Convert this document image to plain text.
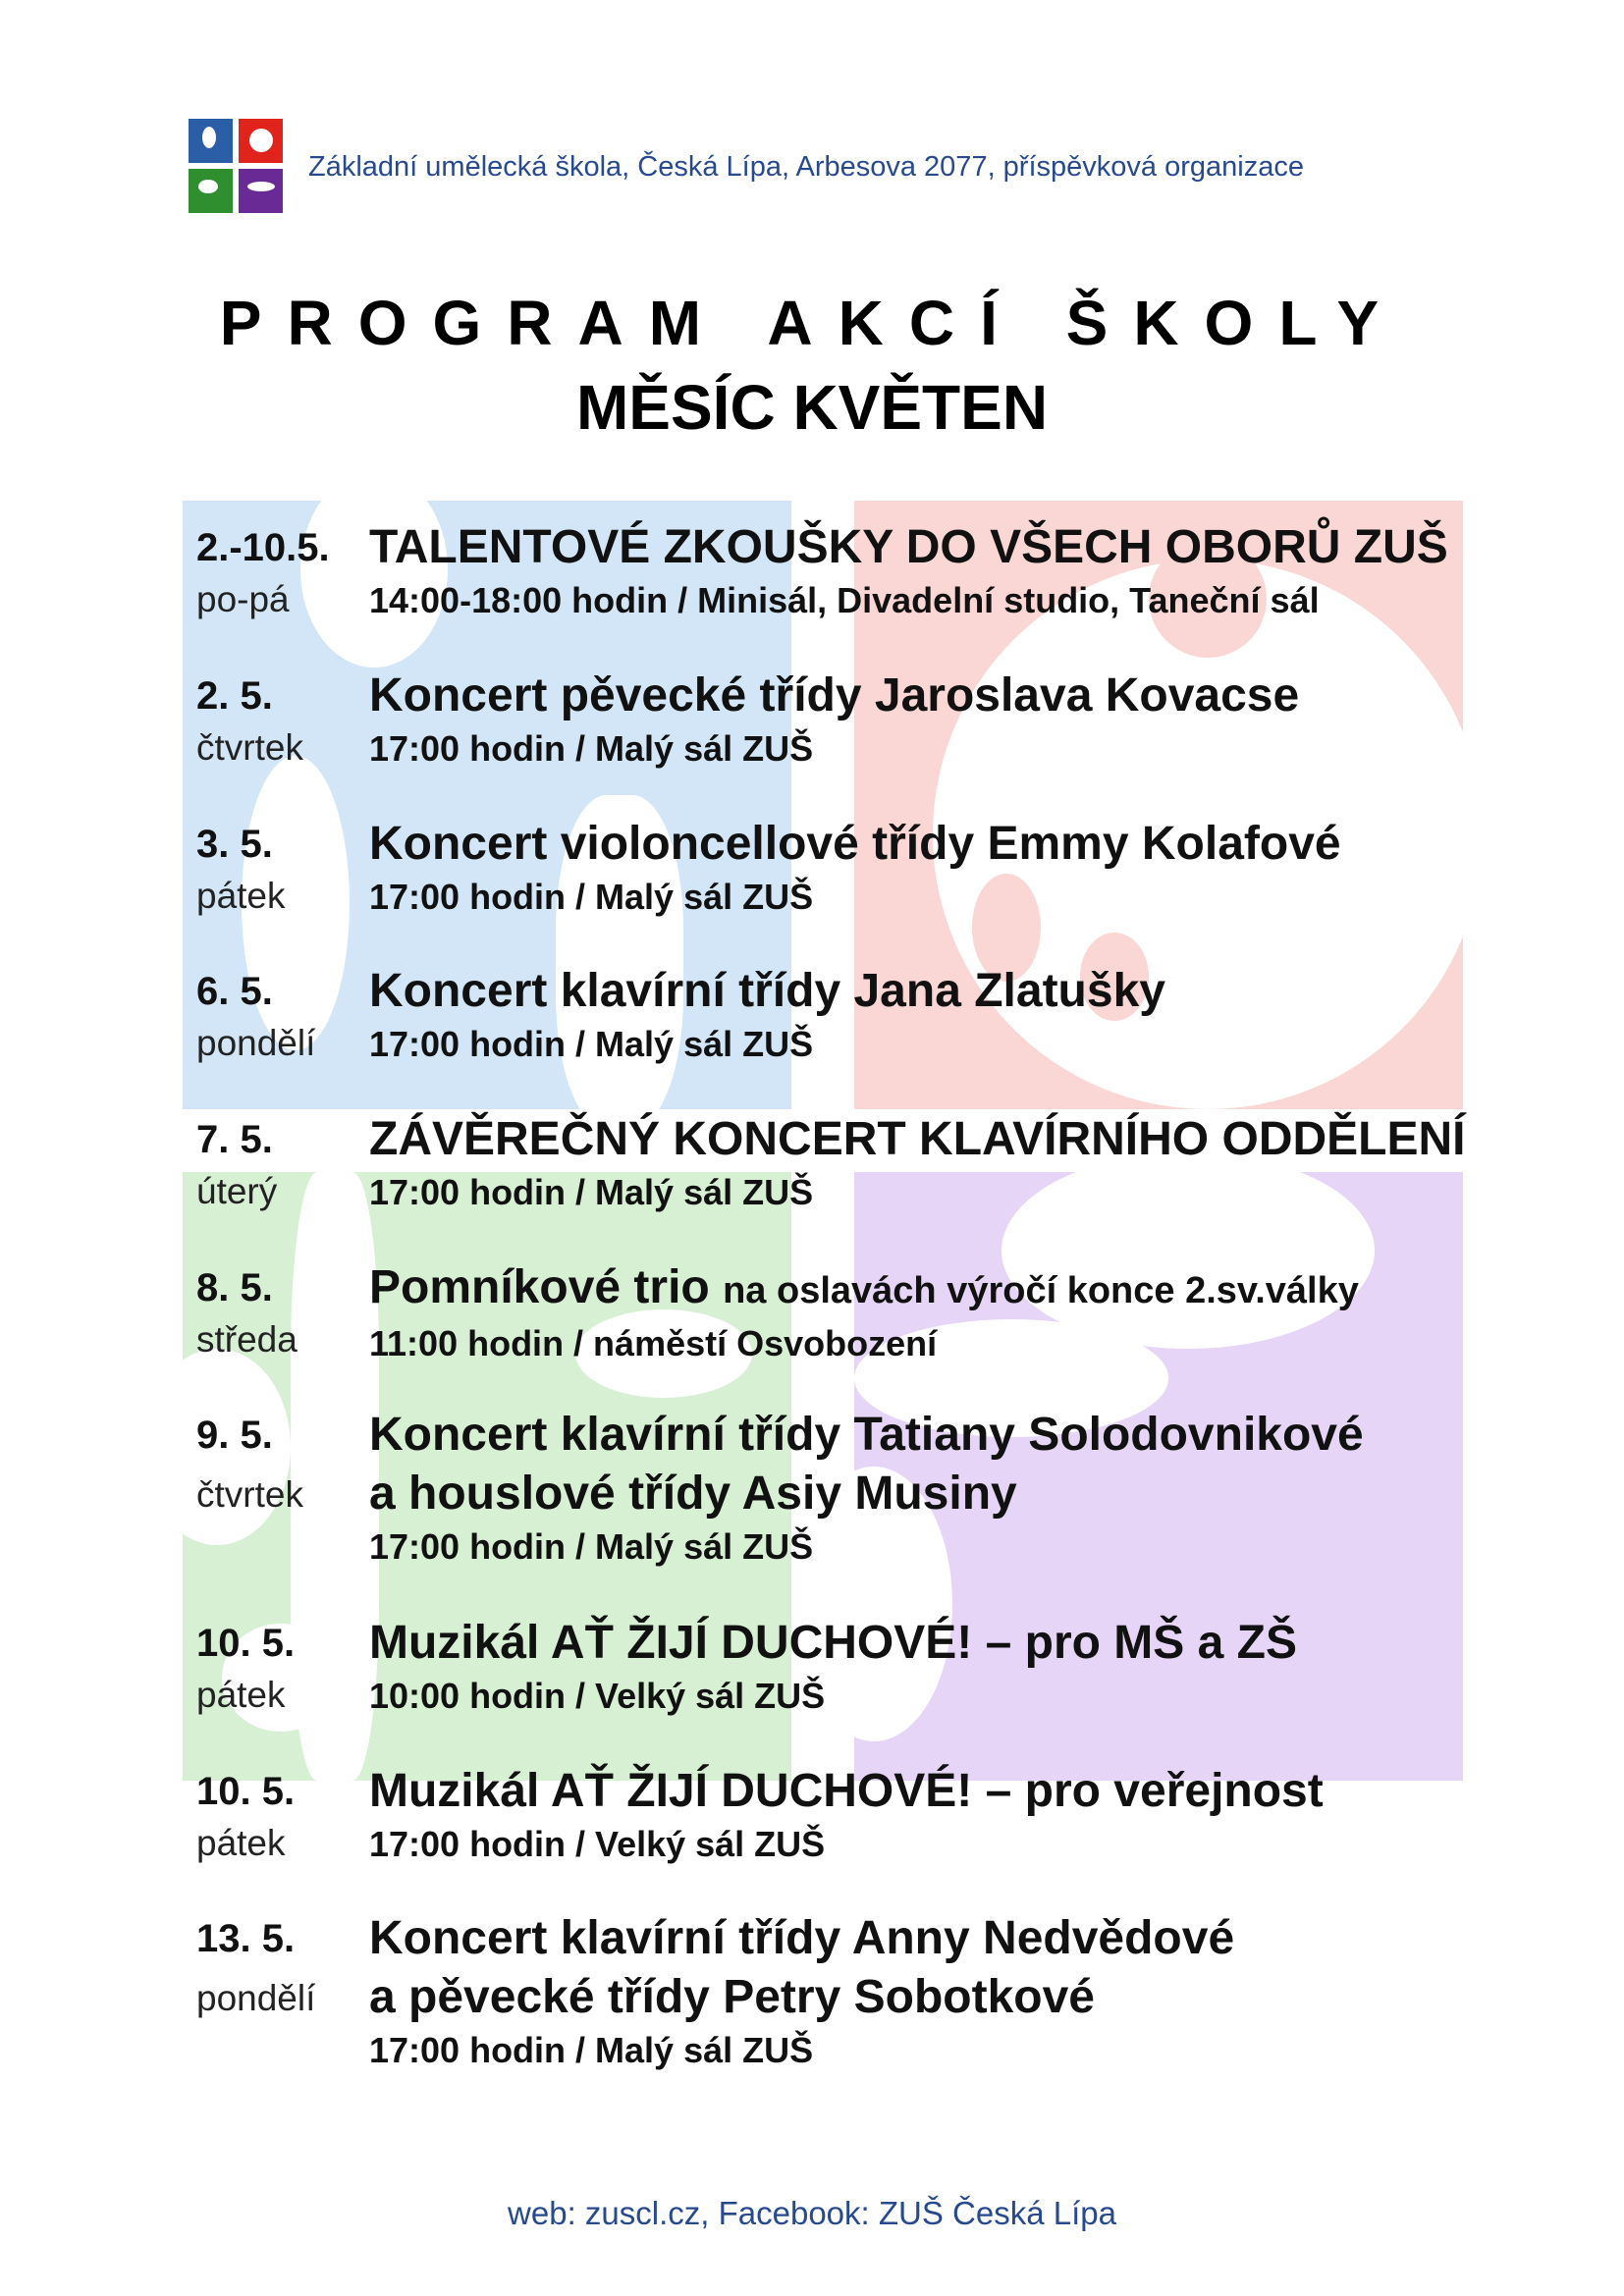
Základní umělecká škola, Česká Lípa, Arbesova 2077, příspěvková organizace
PROGRAM AKCÍ ŠKOLY
MĚSÍC KVĚTEN
2.-10.5.
po-pá
TALENTOVÉ ZKOUŠKY DO VŠECH OBORŮ ZUŠ
14:00-18:00 hodin / Minisál, Divadelní studio, Taneční sál
2. 5.
čtvrtek
Koncert pěvecké třídy Jaroslava Kovacse
17:00 hodin / Malý sál ZUŠ
3. 5.
pátek
Koncert violoncellové třídy Emmy Kolafové
17:00 hodin / Malý sál ZUŠ
6. 5.
pondělí
Koncert klavírní třídy Jana Zlatušky
17:00 hodin / Malý sál ZUŠ
7. 5.
úterý
ZÁVĚREČNÝ KONCERT KLAVÍRNÍHO ODDĚLENÍ
17:00 hodin / Malý sál ZUŠ
8. 5.
středa
Pomníkové trio na oslavách výročí konce 2.sv.války
11:00 hodin / náměstí Osvobození
9. 5.
čtvrtek
Koncert klavírní třídy Tatiany Solodovnikové
a houslové třídy Asiy Musiny
17:00 hodin / Malý sál ZUŠ
10. 5.
pátek
Muzikál AŤ ŽIJÍ DUCHOVÉ! – pro MŠ a ZŠ
10:00 hodin / Velký sál ZUŠ
10. 5.
pátek
Muzikál AŤ ŽIJÍ DUCHOVÉ! – pro veřejnost
17:00 hodin / Velký sál ZUŠ
13. 5.
pondělí
Koncert klavírní třídy Anny Nedvědové
a pěvecké třídy Petry Sobotkové
17:00 hodin / Malý sál ZUŠ
web: zuscl.cz, Facebook: ZUŠ Česká Lípa
